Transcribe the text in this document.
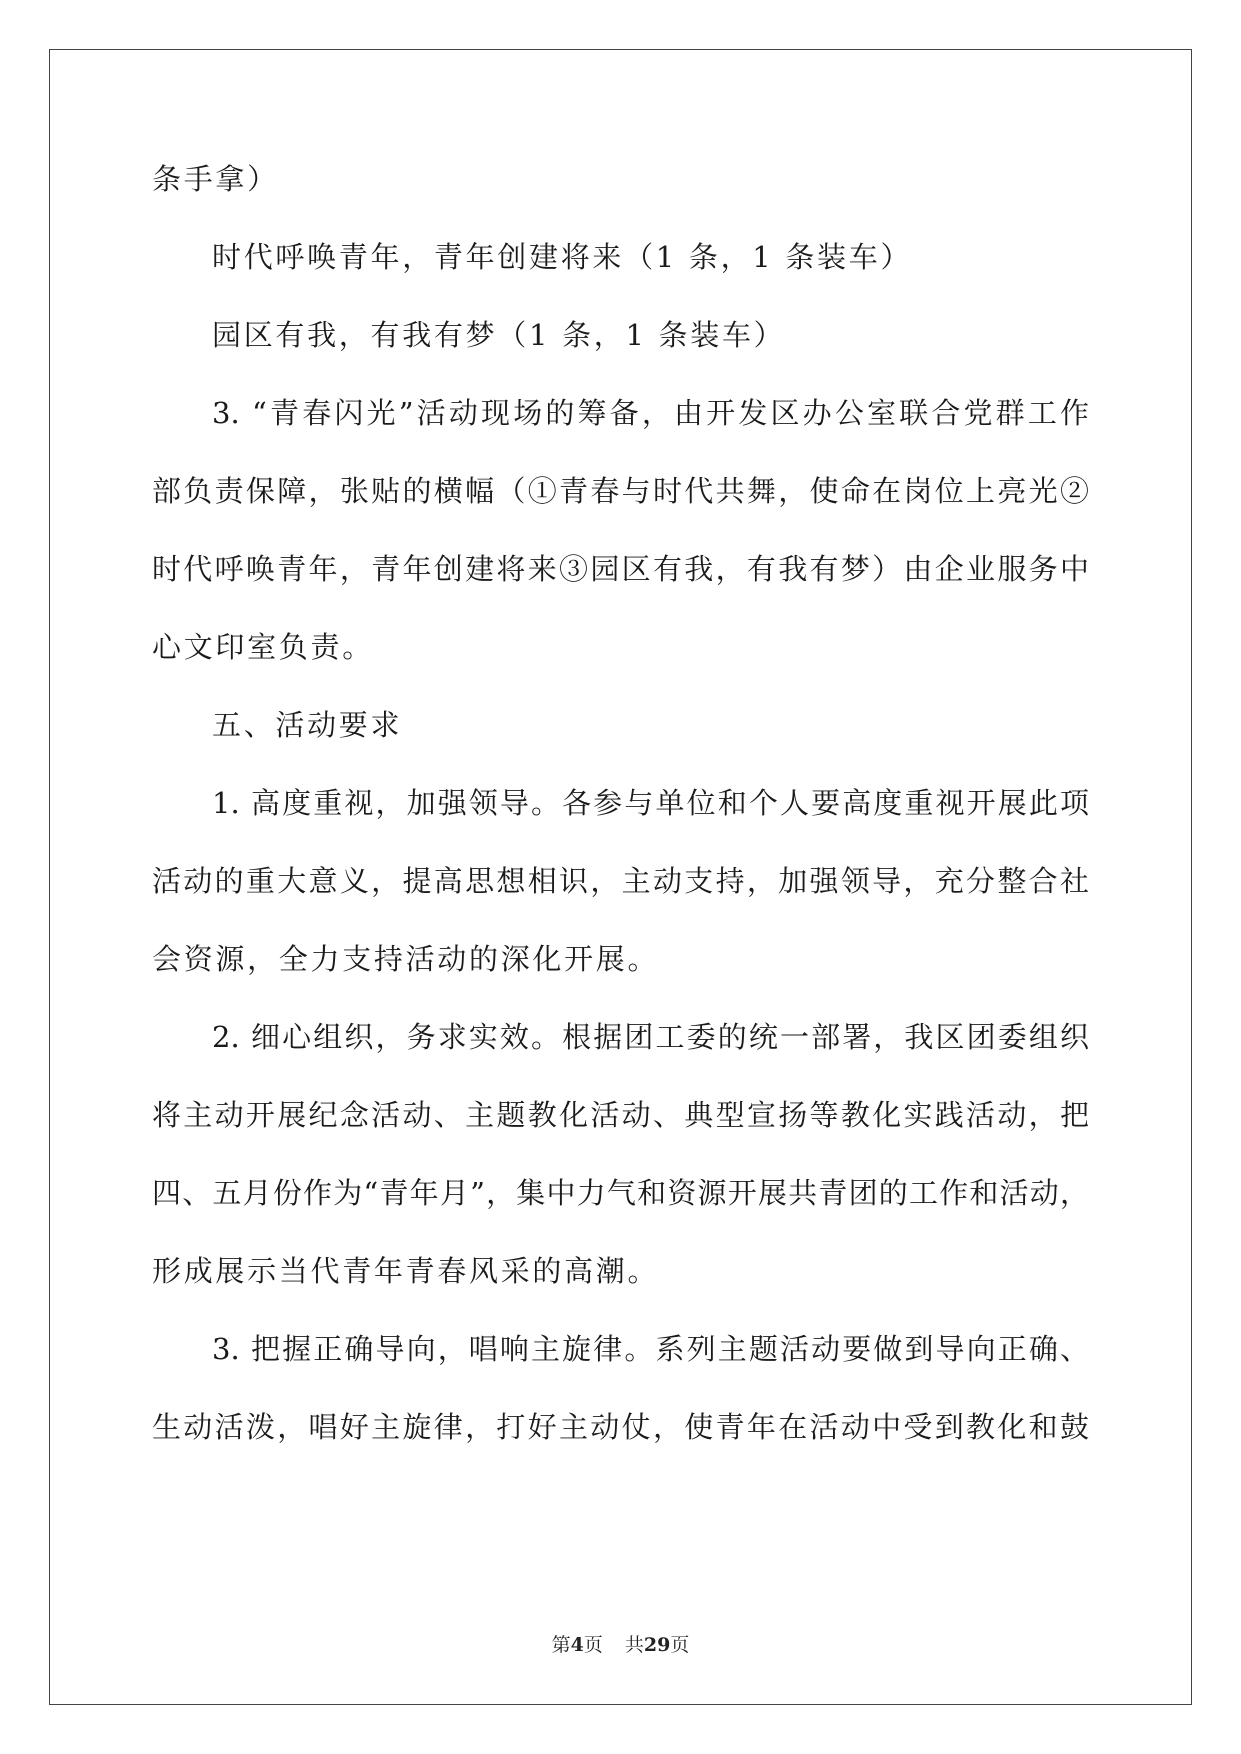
条手拿）
时代呼唤青年，青年创建将来（1 条，1 条装车）
园区有我，有我有梦（1 条，1 条装车）
3. “青春闪光”活动现场的筹备，由开发区办公室联合党群工作
部负责保障，张贴的横幅（①青春与时代共舞，使命在岗位上亮光②
时代呼唤青年，青年创建将来③园区有我，有我有梦）由企业服务中
心文印室负责。
五、活动要求
1. 高度重视，加强领导。各参与单位和个人要高度重视开展此项
活动的重大意义，提高思想相识，主动支持，加强领导，充分整合社
会资源，全力支持活动的深化开展。
2. 细心组织，务求实效。根据团工委的统一部署，我区团委组织
将主动开展纪念活动、主题教化活动、典型宣扬等教化实践活动，把
四、五月份作为“青年月”，集中力气和资源开展共青团的工作和活动，
形成展示当代青年青春风采的高潮。
3. 把握正确导向，唱响主旋律。系列主题活动要做到导向正确、
生动活泼，唱好主旋律，打好主动仗，使青年在活动中受到教化和鼓
第4页 共29页
